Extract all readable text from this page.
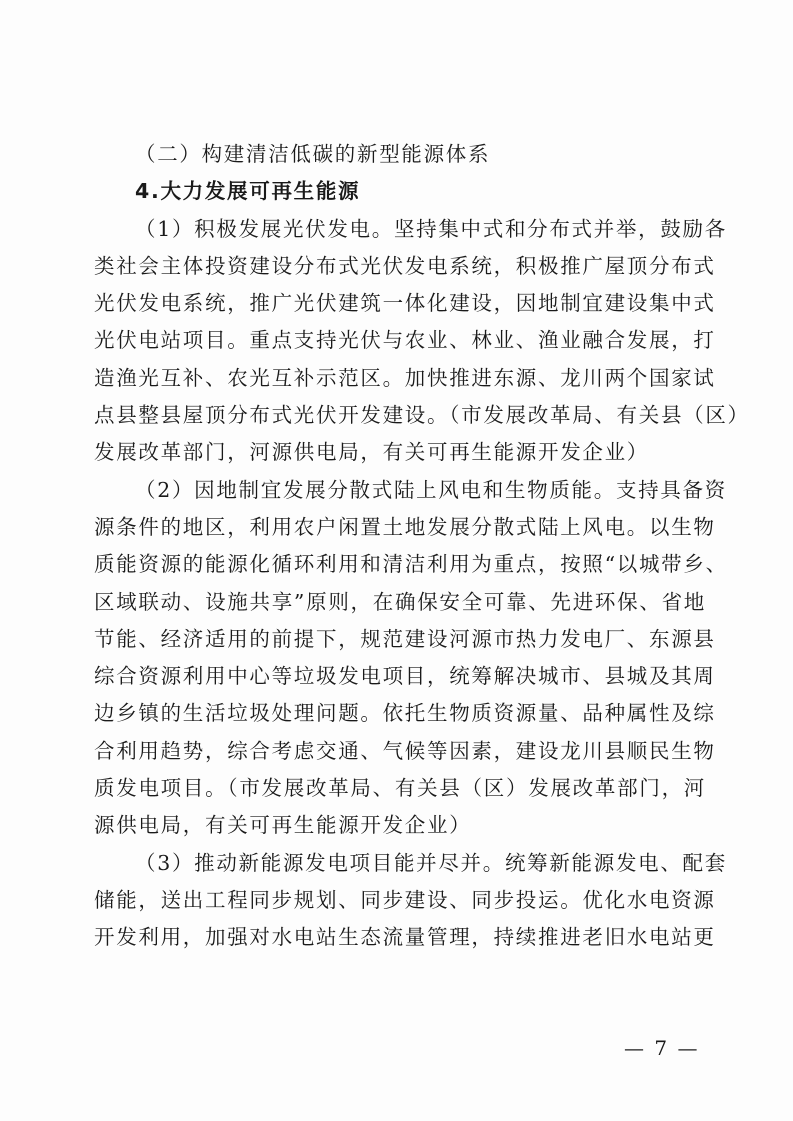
（二）构建清洁低碳的新型能源体系
4.大力发展可再生能源
（1）积极发展光伏发电。坚持集中式和分布式并举，鼓励各
类社会主体投资建设分布式光伏发电系统，积极推广屋顶分布式
光伏发电系统，推广光伏建筑一体化建设，因地制宜建设集中式
光伏电站项目。重点支持光伏与农业、林业、渔业融合发展，打
造渔光互补、农光互补示范区。加快推进东源、龙川两个国家试
点县整县屋顶分布式光伏开发建设。（市发展改革局、有关县（区）
发展改革部门，河源供电局，有关可再生能源开发企业）
（2）因地制宜发展分散式陆上风电和生物质能。支持具备资
源条件的地区，利用农户闲置土地发展分散式陆上风电。以生物
质能资源的能源化循环利用和清洁利用为重点，按照“以城带乡、
区域联动、设施共享”原则，在确保安全可靠、先进环保、省地
节能、经济适用的前提下，规范建设河源市热力发电厂、东源县
综合资源利用中心等垃圾发电项目，统筹解决城市、县城及其周
边乡镇的生活垃圾处理问题。依托生物质资源量、品种属性及综
合利用趋势，综合考虑交通、气候等因素，建设龙川县顺民生物
质发电项目。（市发展改革局、有关县（区）发展改革部门，河
源供电局，有关可再生能源开发企业）
（3）推动新能源发电项目能并尽并。统筹新能源发电、配套
储能，送出工程同步规划、同步建设、同步投运。优化水电资源
开发利用，加强对水电站生态流量管理，持续推进老旧水电站更
— 7 —
